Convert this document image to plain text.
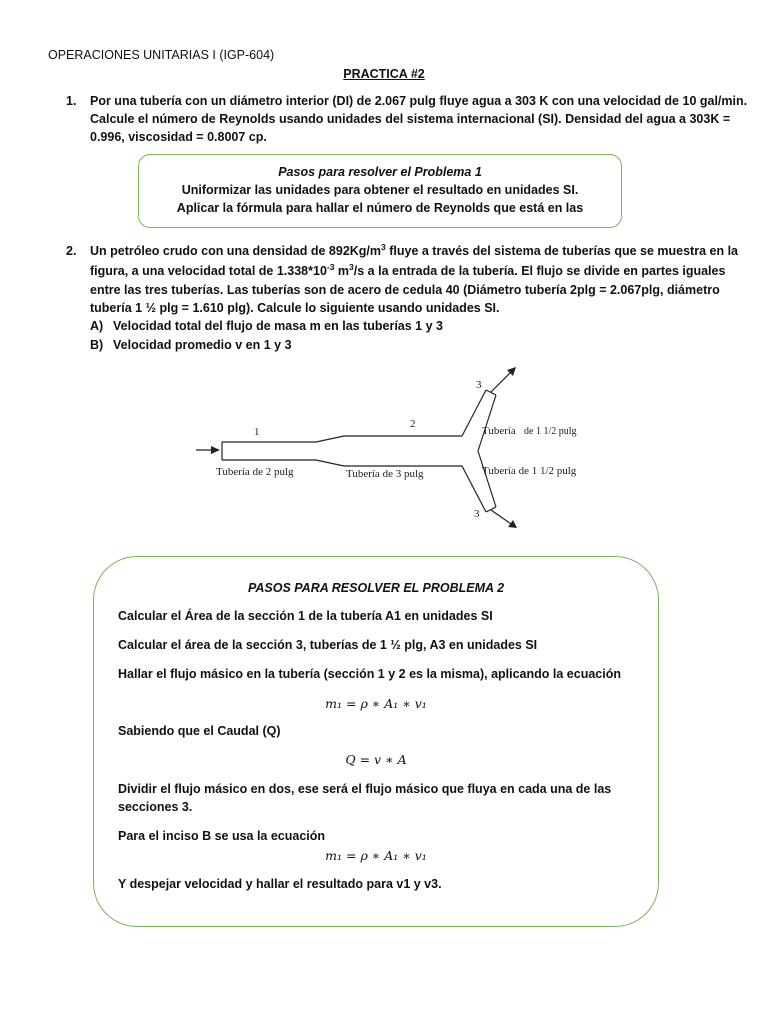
OPERACIONES UNITARIAS I (IGP-604)
PRACTICA #2
1. Por una tubería con un diámetro interior (DI) de 2.067 pulg fluye agua a 303 K con una velocidad de 10 gal/min.
Calcule el número de Reynolds usando unidades del sistema internacional (SI). Densidad del agua a 303K =
0.996, viscosidad = 0.8007 cp.
Pasos para resolver el Problema 1
Uniformizar las unidades para obtener el resultado en unidades SI.
Aplicar la fórmula para hallar el número de Reynolds que está en las
2. Un petróleo crudo con una densidad de $892Kg/m^3$ fluye a través del sistema de tuberías que se muestra en la
figura, a una velocidad total de $1.338*10^{-3}$ $m^3/s$ a la entrada de la tubería. El flujo se divide en partes iguales
entre las tres tuberías. Las tuberías son de acero de cedula 40 (Diámetro tubería 2plg = 2.067plg, diámetro
tubería 1 ½ plg = 1.610 plg). Calcule lo siguiente usando unidades SI.
A) Velocidad total del flujo de masa m en las tuberías 1 y 3
B) Velocidad promedio v en 1 y 3
1
2
3
3
Tubería de 2 pulg	Tubería de 3 pulg
Tubería de 1 1/2 pulg
Tubería de 1 1/2 pulg
PASOS PARA RESOLVER EL PROBLEMA 2
Calcular el Área de la sección 1 de la tubería A1 en unidades SI
Calcular el área de la sección 3, tuberías de 1 ½ plg, A3 en unidades SI
Hallar el flujo másico en la tubería (sección 1 y 2 es la misma), aplicando la ecuación
m₁ = ρ ∗ A₁ ∗ v₁
Sabiendo que el Caudal (Q)
Q = v ∗ A
Dividir el flujo másico en dos, ese será el flujo másico que fluya en cada una de las
secciones 3.
Para el inciso B se usa la ecuación
m₁ = ρ ∗ A₁ ∗ v₁
Y despejar velocidad y hallar el resultado para v1 y v3.
